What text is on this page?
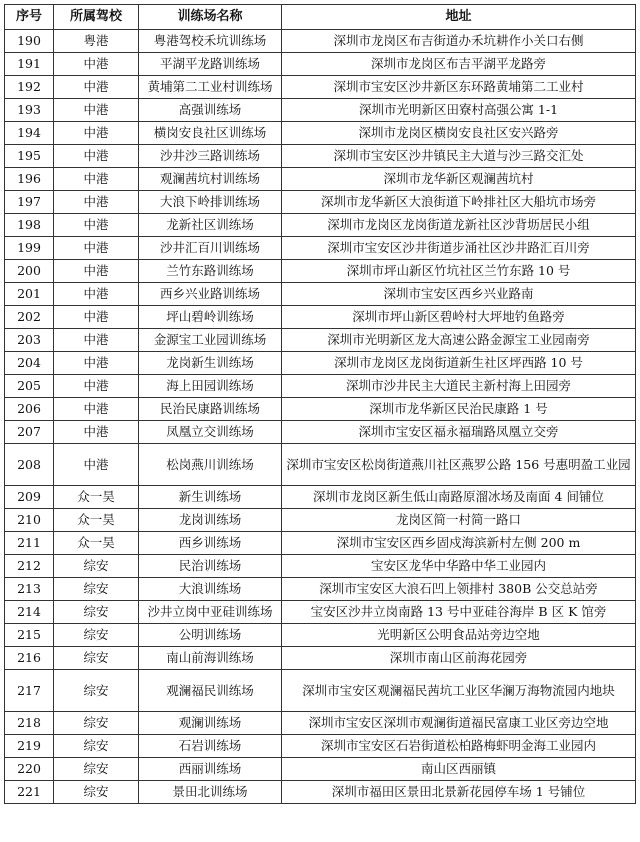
序号	所属驾校	训练场名称	地址
190	粤港	粤港驾校禾坑训练场	深圳市龙岗区布吉街道办禾坑耕作小关口右侧
191	中港	平湖平龙路训练场	深圳市龙岗区布吉平湖平龙路旁
192	中港	黄埔第二工业村训练场	深圳市宝安区沙井新区东环路黄埔第二工业村
193	中港	高强训练场	深圳市光明新区田寮村高强公寓 1-1
194	中港	横岗安良社区训练场	深圳市龙岗区横岗安良社区安兴路旁
195	中港	沙井沙三路训练场	深圳市宝安区沙井镇民主大道与沙三路交汇处
196	中港	观澜茜坑村训练场	深圳市龙华新区观澜茜坑村
197	中港	大浪下岭排训练场	深圳市龙华新区大浪街道下岭排社区大船坑市场旁
198	中港	龙新社区训练场	深圳市龙岗区龙岗街道龙新社区沙背坜居民小组
199	中港	沙井汇百川训练场	深圳市宝安区沙井街道步涌社区沙井路汇百川旁
200	中港	兰竹东路训练场	深圳市坪山新区竹坑社区兰竹东路 10 号
201	中港	西乡兴业路训练场	深圳市宝安区西乡兴业路南
202	中港	坪山碧岭训练场	深圳市坪山新区碧岭村大坪地钓鱼路旁
203	中港	金源宝工业园训练场	深圳市光明新区龙大高速公路金源宝工业园南旁
204	中港	龙岗新生训练场	深圳市龙岗区龙岗街道新生社区坪西路 10 号
205	中港	海上田园训练场	深圳市沙井民主大道民主新村海上田园旁
206	中港	民治民康路训练场	深圳市龙华新区民治民康路 1 号
207	中港	凤凰立交训练场	深圳市宝安区福永福瑞路凤凰立交旁
208	中港	松岗燕川训练场	深圳市宝安区松岗街道燕川社区燕罗公路 156 号惠明盈工业园
209	众一昊	新生训练场	深圳市龙岗区新生低山南路原溜冰场及南面 4 间铺位
210	众一昊	龙岗训练场	龙岗区简一村简一路口
211	众一昊	西乡训练场	深圳市宝安区西乡固戍海滨新村左侧 200 m
212	综安	民治训练场	宝安区龙华中华路中华工业园内
213	综安	大浪训练场	深圳市宝安区大浪石凹上领排村 380B 公交总站旁
214	综安	沙井立岗中亚硅训练场	宝安区沙井立岗南路 13 号中亚硅谷海岸 B 区 K 馆旁
215	综安	公明训练场	光明新区公明食品站旁边空地
216	综安	南山前海训练场	深圳市南山区前海花园旁
217	综安	观澜福民训练场	深圳市宝安区观澜福民茜坑工业区华澜万海物流园内地块
218	综安	观澜训练场	深圳市宝安区深圳市观澜街道福民富康工业区旁边空地
219	综安	石岩训练场	深圳市宝安区石岩街道松柏路梅虾明金海工业园内
220	综安	西丽训练场	南山区西丽镇
221	综安	景田北训练场	深圳市福田区景田北景新花园停车场 1 号铺位
